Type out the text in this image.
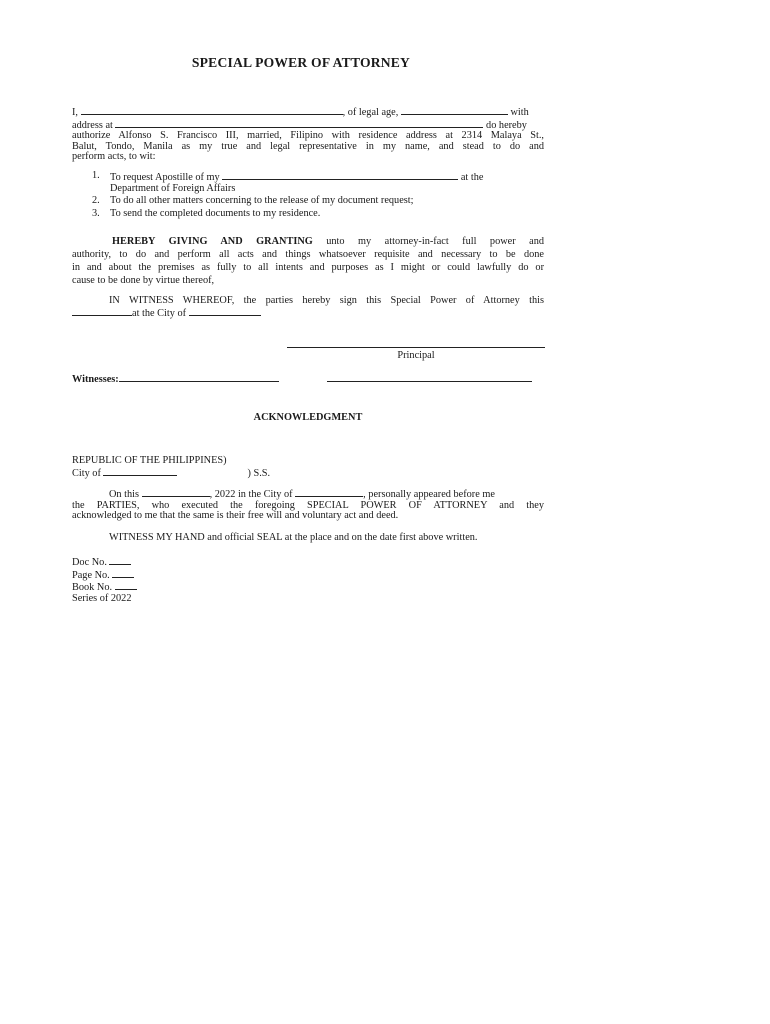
SPECIAL POWER OF ATTORNEY
I,	, of legal age,	with
address at	do hereby
authorize Alfonso S. Francisco III, married, Filipino with residence address at 2314 Malaya St.,
Balut, Tondo, Manila as my true and legal representative in my name, and stead to do and
perform acts, to wit:
1. To request Apostille of my	at the
Department of Foreign Affairs
2. To do all other matters concerning to the release of my document request;
3. To send the completed documents to my residence.
HEREBY GIVING AND GRANTING unto my attorney-in-fact full power and
authority, to do and perform all acts and things whatsoever requisite and necessary to be done
in and about the premises as fully to all intents and purposes as I might or could lawfully do or
cause to be done by virtue thereof,
IN WITNESS WHEREOF, the parties hereby sign this Special Power of Attorney this
at the City of
Principal
Witnesses:
ACKNOWLEDGMENT
REPUBLIC OF THE PHILIPPINES)
City of	) S.S.
On this	, 2022 in the City of	, personally appeared before me
the PARTIES, who executed the foregoing SPECIAL POWER OF ATTORNEY and they
acknowledged to me that the same is their free will and voluntary act and deed.
WITNESS MY HAND and official SEAL at the place and on the date first above written.
Doc No.
Page No.
Book No.
Series of 2022
